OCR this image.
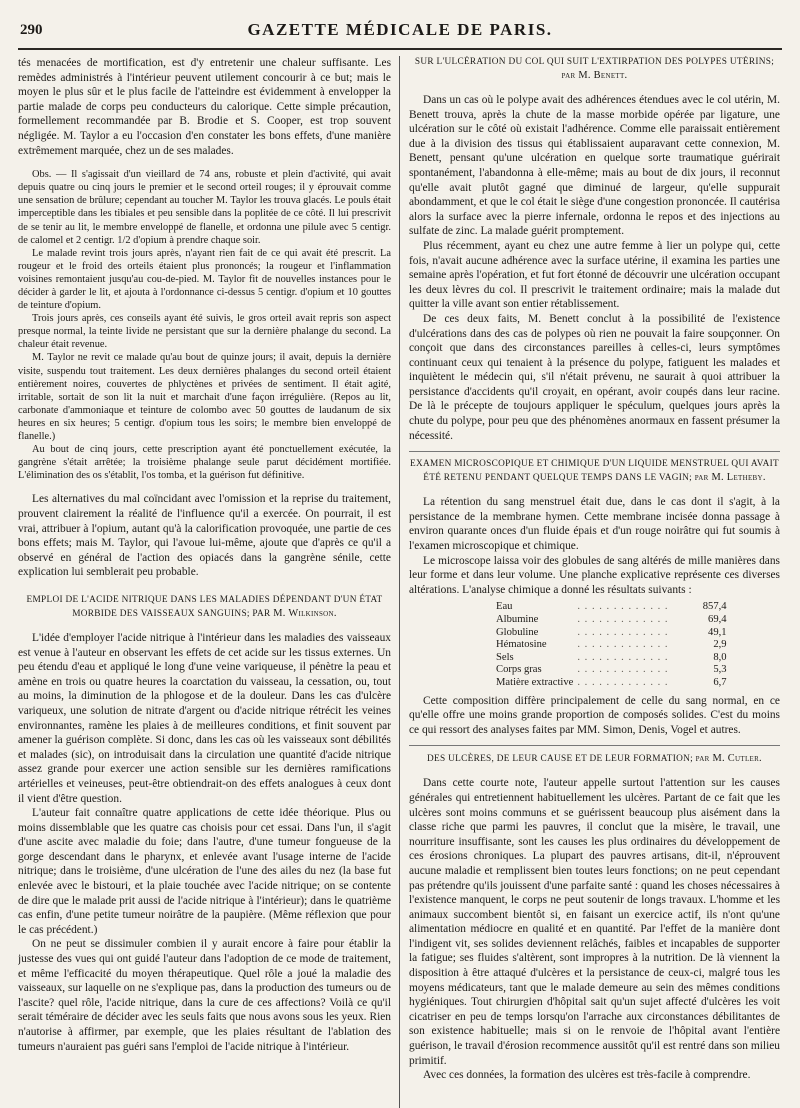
290	GAZETTE MÉDICALE DE PARIS.

tés menacées de mortification, est d'y entretenir une chaleur suffisante. Les remèdes administrés à l'intérieur peuvent utilement concourir à ce but; mais le moyen le plus sûr et le plus facile de l'atteindre est évidemment à envelopper la partie malade de corps peu conducteurs du calorique. Cette simple précaution, formellement recommandée par B. Brodie et S. Cooper, est trop souvent négligée. M. Taylor a eu l'occasion d'en constater les bons effets, d'une manière extrêmement marquée, chez un de ses malades.

Obs. — Il s'agissait d'un vieillard de 74 ans, robuste et plein d'activité, qui avait depuis quatre ou cinq jours le premier et le second orteil rouges; il y éprouvait comme une sensation de brûlure; cependant au toucher M. Taylor les trouva glacés. Le pouls était imperceptible dans les tibiales et peu sensible dans la poplitée de ce côté. Il lui prescrivit de se tenir au lit, le membre enveloppé de flanelle, et ordonna une pilule avec 5 centigr. de calomel et 2 centigr. 1/2 d'opium à prendre chaque soir.

Le malade revint trois jours après, n'ayant rien fait de ce qui avait été prescrit. La rougeur et le froid des orteils étaient plus prononcés; la rougeur et l'inflammation voisines remontaient jusqu'au cou-de-pied. M. Taylor fit de nouvelles instances pour le décider à garder le lit, et ajouta à l'ordonnance ci-dessus 5 centigr. d'opium et 10 gouttes de teinture d'opium.

Trois jours après, ces conseils ayant été suivis, le gros orteil avait repris son aspect presque normal, la teinte livide ne persistant que sur la dernière phalange du second. La chaleur était revenue.

M. Taylor ne revit ce malade qu'au bout de quinze jours; il avait, depuis la dernière visite, suspendu tout traitement. Les deux dernières phalanges du second orteil étaient entièrement noires, couvertes de phlyctènes et privées de sentiment. Il était agité, irritable, sortait de son lit la nuit et marchait d'une façon irrégulière. (Repos au lit, carbonate d'ammoniaque et teinture de colombo avec 50 gouttes de laudanum de six heures en six heures; 5 centigr. d'opium tous les soirs; le membre bien enveloppé de flanelle.)

Au bout de cinq jours, cette prescription ayant été ponctuellement exécutée, la gangrène s'était arrêtée; la troisième phalange seule parut décidément mortifiée. L'élimination des os s'établit, l'os tomba, et la guérison fut définitive.

Les alternatives du mal coïncidant avec l'omission et la reprise du traitement, prouvent clairement la réalité de l'influence qu'il a exercée. On pourrait, il est vrai, attribuer à l'opium, autant qu'à la calorification provoquée, une partie de ces bons effets; mais M. Taylor, qui l'avoue lui-même, ajoute que d'après ce qu'il a observé en général de l'action des opiacés dans la gangrène sénile, cette explication lui semblerait peu probable.

EMPLOI DE L'ACIDE NITRIQUE DANS LES MALADIES DÉPENDANT D'UN ÉTAT MORBIDE DES VAISSEAUX SANGUINS; PAR M. Wilkinson.

L'idée d'employer l'acide nitrique à l'intérieur dans les maladies des vaisseaux est venue à l'auteur en observant les effets de cet acide sur les tissus externes. Un peu étendu d'eau et appliqué le long d'une veine variqueuse, il pénètre la peau et amène en trois ou quatre heures la coarctation du vaisseau, la cessation, ou, tout au moins, la diminution de la phlogose et de la douleur. Dans les cas d'ulcère variqueux, une solution de nitrate d'argent ou d'acide nitrique rétrécit les veines environnantes, ramène les plaies à de meilleures conditions, et finit souvent par amener la guérison complète. Si donc, dans les cas où les vaisseaux sont débilités et malades (sic), on introduisait dans la circulation une quantité d'acide nitrique assez grande pour exercer une action sensible sur les dernières ramifications artérielles et veineuses, peut-être obtiendrait-on des effets analogues à ceux dont il vient d'être question.

L'auteur fait connaître quatre applications de cette idée théorique. Plus ou moins dissemblable que les quatre cas choisis pour cet essai. Dans l'un, il s'agit d'une ascite avec maladie du foie; dans l'autre, d'une tumeur fongueuse de la gorge descendant dans le pharynx, et enlevée avant l'usage interne de l'acide nitrique; dans le troisième, d'une ulcération de l'une des ailes du nez (la base fut enlevée avec le bistouri, et la plaie touchée avec l'acide nitrique; on se contente de dire que le malade prit aussi de l'acide nitrique à l'intérieur); dans le quatrième cas enfin, d'une petite tumeur noirâtre de la paupière. (Même réflexion que pour le cas précédent.)

On ne peut se dissimuler combien il y aurait encore à faire pour établir la justesse des vues qui ont guidé l'auteur dans l'adoption de ce mode de traitement, et même l'efficacité du moyen thérapeutique. Quel rôle a joué la maladie des vaisseaux, sur laquelle on ne s'explique pas, dans la production des tumeurs ou de l'ascite? quel rôle, l'acide nitrique, dans la cure de ces affections? Voilà ce qu'il serait téméraire de décider avec les seuls faits que nous avons sous les yeux. Rien n'autorise à affirmer, par exemple, que les plaies résultant de l'ablation des tumeurs n'auraient pas guéri sans l'emploi de l'acide nitrique à l'intérieur.

SUR L'ULCÉRATION DU COL QUI SUIT L'EXTIRPATION DES POLYPES UTÉRINS; par M. Benett.

Dans un cas où le polype avait des adhérences étendues avec le col utérin, M. Benett trouva, après la chute de la masse morbide opérée par ligature, une ulcération sur le côté où existait l'adhérence. Comme elle paraissait entièrement due à la division des tissus qui établissaient auparavant cette connexion, M. Benett, pensant qu'une ulcération en quelque sorte traumatique guérirait spontanément, l'abandonna à elle-même; mais au bout de dix jours, il reconnut qu'elle avait plutôt gagné que diminué de largeur, qu'elle suppurait abondamment, et que le col était le siège d'une congestion prononcée. Il cautérisa alors la surface avec la pierre infernale, ordonna le repos et des injections au sulfate de zinc. La malade guérit promptement.

Plus récemment, ayant eu chez une autre femme à lier un polype qui, cette fois, n'avait aucune adhérence avec la surface utérine, il examina les parties une semaine après l'opération, et fut fort étonné de découvrir une ulcération occupant les deux lèvres du col. Il prescrivit le traitement ordinaire; mais la malade dut quitter la ville avant son entier rétablissement.

De ces deux faits, M. Benett conclut à la possibilité de l'existence d'ulcérations dans des cas de polypes où rien ne pouvait la faire soupçonner. On conçoit que dans des circonstances pareilles à celles-ci, leurs symptômes continuant ceux qui tenaient à la présence du polype, fatiguent les malades et inquiètent le médecin qui, s'il n'était prévenu, ne saurait à quoi attribuer la persistance d'accidents qu'il croyait, en opérant, avoir coupés dans leur racine. De là le précepte de toujours appliquer le spéculum, quelques jours après la chute du polype, pour peu que des phénomènes anormaux en fassent présumer la nécessité.

EXAMEN MICROSCOPIQUE ET CHIMIQUE D'UN LIQUIDE MENSTRUEL QUI AVAIT ÉTÉ RETENU PENDANT QUELQUE TEMPS DANS LE VAGIN; par M. Letheby.

La rétention du sang menstruel était due, dans le cas dont il s'agit, à la persistance de la membrane hymen. Cette membrane incisée donna passage à environ quarante onces d'un fluide épais et d'un rouge noirâtre qui fut soumis à l'examen microscopique et chimique.

Le microscope laissa voir des globules de sang altérés de mille manières dans leur forme et dans leur volume. Une planche explicative représente ces diverses altérations. L'analyse chimique a donné les résultats suivants :

Eau	. . . . . . . . . . . . .	857,4
Albumine	. . . . . . . . . . . . .	69,4
Globuline	. . . . . . . . . . . . .	49,1
Hématosine	. . . . . . . . . . . . .	2,9
Sels	. . . . . . . . . . . . .	8,0
Corps gras	. . . . . . . . . . . . .	5,3
Matière extractive	. . . . . . . . . . . . .	6,7

Cette composition diffère principalement de celle du sang normal, en ce qu'elle offre une moins grande proportion de composés solides. C'est du moins ce qui ressort des analyses faites par MM. Simon, Denis, Vogel et autres.

DES ULCÈRES, DE LEUR CAUSE ET DE LEUR FORMATION; par M. Cutler.

Dans cette courte note, l'auteur appelle surtout l'attention sur les causes générales qui entretiennent habituellement les ulcères. Partant de ce fait que les ulcères sont moins communs et se guérissent beaucoup plus aisément dans la classe riche que parmi les pauvres, il conclut que la misère, le travail, une nourriture insuffisante, sont les causes les plus ordinaires du développement de ces érosions chroniques. La plupart des pauvres artisans, dit-il, n'éprouvent aucune maladie et remplissent bien toutes leurs fonctions; on ne peut cependant pas prétendre qu'ils jouissent d'une parfaite santé : quand les choses nécessaires à l'existence manquent, le corps ne peut soutenir de longs travaux. L'homme et les animaux succombent bientôt si, en faisant un exercice actif, ils n'ont qu'une alimentation médiocre en qualité et en quantité. Par l'effet de la manière dont l'indigent vit, ses solides deviennent relâchés, faibles et incapables de supporter la fatigue; ses fluides s'altèrent, sont impropres à la nutrition. De là viennent la disposition à être attaqué d'ulcères et la persistance de ceux-ci, malgré tous les moyens médicateurs, tant que le malade demeure au sein des mêmes conditions hygiéniques. Tout chirurgien d'hôpital sait qu'un sujet affecté d'ulcères les voit cicatriser en peu de temps lorsqu'on l'arrache aux circonstances débilitantes de son existence habituelle; mais si on le renvoie de l'hôpital avant l'entière guérison, le travail d'érosion recommence aussitôt qu'il est rentré dans son milieu primitif.

Avec ces données, la formation des ulcères est très-facile à comprendre.
